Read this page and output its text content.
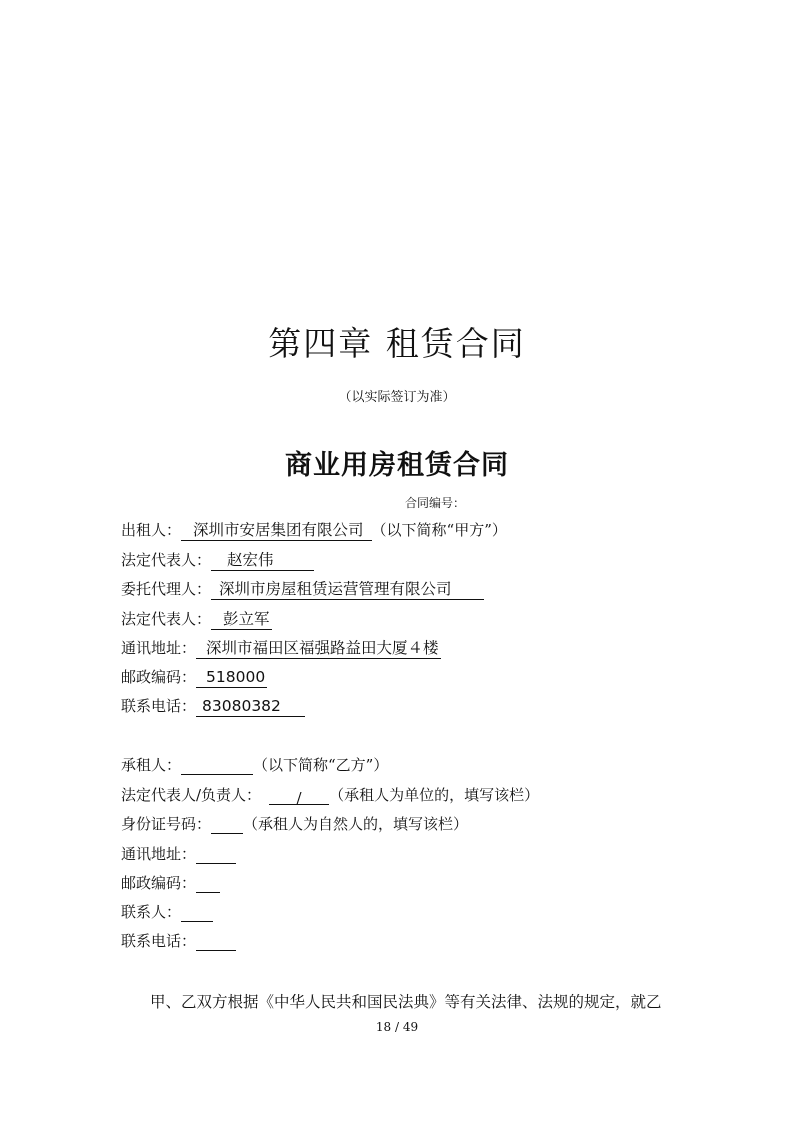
第四章 租赁合同
（以实际签订为准）
商业用房租赁合同
合同编号：
出租人： 深圳市安居集团有限公司 （以下简称“甲方”）
法定代表人： 赵宏伟
委托代理人： 深圳市房屋租赁运营管理有限公司
法定代表人： 彭立军
通讯地址： 深圳市福田区福强路益田大厦４楼
邮政编码： 518000
联系电话： 83080382
承租人：	（以下简称“乙方”）
法定代表人/负责人： / （承租人为单位的，填写该栏）
身份证号码： （承租人为自然人的，填写该栏）
通讯地址：
邮政编码：
联系人：
联系电话：
甲、乙双方根据《中华人民共和国民法典》等有关法律、法规的规定，就乙
18 / 49
